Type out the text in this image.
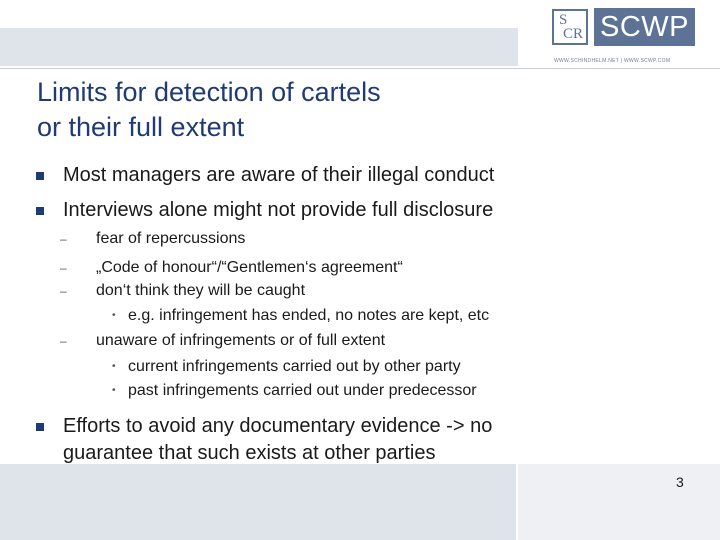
S
C R SCWP
WWW.SCHINDHELM.NET | WWW.SCWP.COM
Limits for detection of cartels
or their full extent
Most managers are aware of their illegal conduct
Interviews alone might not provide full disclosure
– fear of repercussions
– „Code of honour“/“Gentlemen‘s agreement“
– don‘t think they will be caught
• e.g. infringement has ended, no notes are kept, etc
– unaware of infringements or of full extent
• current infringements carried out by other party
• past infringements carried out under predecessor
Efforts to avoid any documentary evidence -> no
guarantee that such exists at other parties
3
